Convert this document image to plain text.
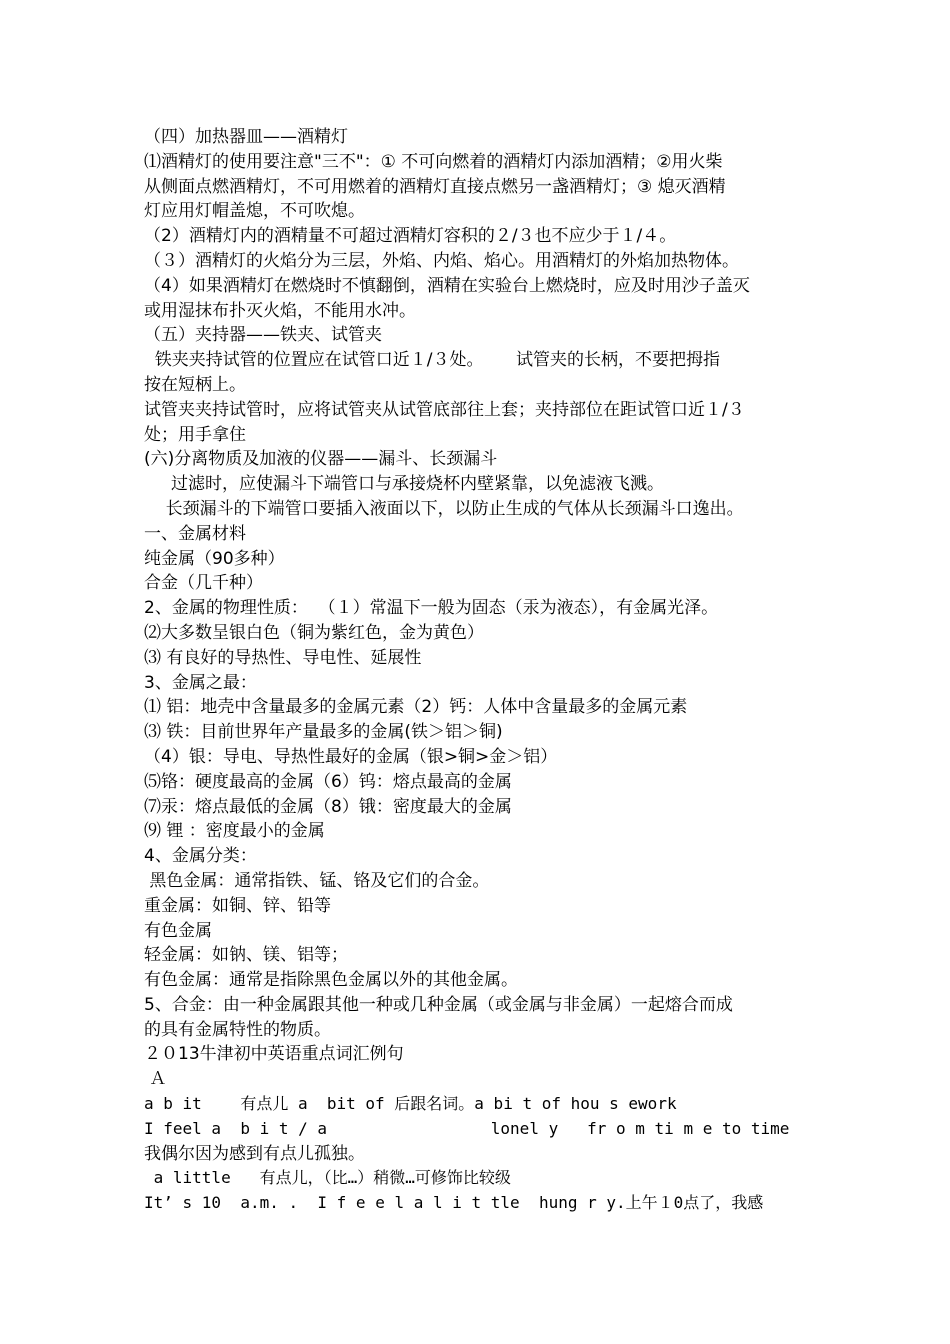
（四）加热器皿——酒精灯

⑴酒精灯的使用要注意"三不"：① 不可向燃着的酒精灯内添加酒精；②用火柴

从侧面点燃酒精灯，不可用燃着的酒精灯直接点燃另一盏酒精灯；③ 熄灭酒精

灯应用灯帽盖熄，不可吹熄。

（2）酒精灯内的酒精量不可超过酒精灯容积的２/３也不应少于１/４。

（３）酒精灯的火焰分为三层，外焰、内焰、焰心。用酒精灯的外焰加热物体。

（4）如果酒精灯在燃烧时不慎翻倒，酒精在实验台上燃烧时，应及时用沙子盖灭

或用湿抹布扑灭火焰，不能用水冲。

（五）夹持器——铁夹、试管夹

铁夹夹持试管的位置应在试管口近１/３处。      试管夹的长柄，不要把拇指

按在短柄上。

试管夹夹持试管时，应将试管夹从试管底部往上套；夹持部位在距试管口近１/３

处；用手拿住

(六)分离物质及加液的仪器——漏斗、长颈漏斗

过滤时，应使漏斗下端管口与承接烧杯内壁紧靠，以免滤液飞溅。

长颈漏斗的下端管口要插入液面以下，以防止生成的气体从长颈漏斗口逸出。

一、金属材料

纯金属（90多种）

合金（几千种）

2、金属的物理性质：  （１）常温下一般为固态（汞为液态），有金属光泽。

⑵大多数呈银白色（铜为紫红色，金为黄色）

⑶ 有良好的导热性、导电性、延展性

3、金属之最：

⑴ 铝：地壳中含量最多的金属元素（2）钙：人体中含量最多的金属元素

⑶ 铁：目前世界年产量最多的金属(铁＞铝＞铜)

（4）银：导电、导热性最好的金属（银>铜>金＞铝）

⑸铬：硬度最高的金属（6）钨：熔点最高的金属

⑺汞：熔点最低的金属（8）锇：密度最大的金属

⑼ 锂 ：密度最小的金属

4、金属分类：

黑色金属：通常指铁、锰、铬及它们的合金。

重金属：如铜、锌、铅等

有色金属

轻金属：如钠、镁、铝等；

有色金属：通常是指除黑色金属以外的其他金属。

5、合金：由一种金属跟其他一种或几种金属（或金属与非金属）一起熔合而成

的具有金属特性的物质。

２０13牛津初中英语重点词汇例句

Ａ

a b it    有点儿 a  bit of 后跟名词。a bi t of hou s ework

I feel a  b i t / a                 lonel y   fr o m ti m e to time

我偶尔因为感到有点儿孤独。

a little   有点儿，（比…）稍微…可修饰比较级

It’ s 10  a.m. .  I f e e l a l i t tle  hung r y.上午１0点了，我感
